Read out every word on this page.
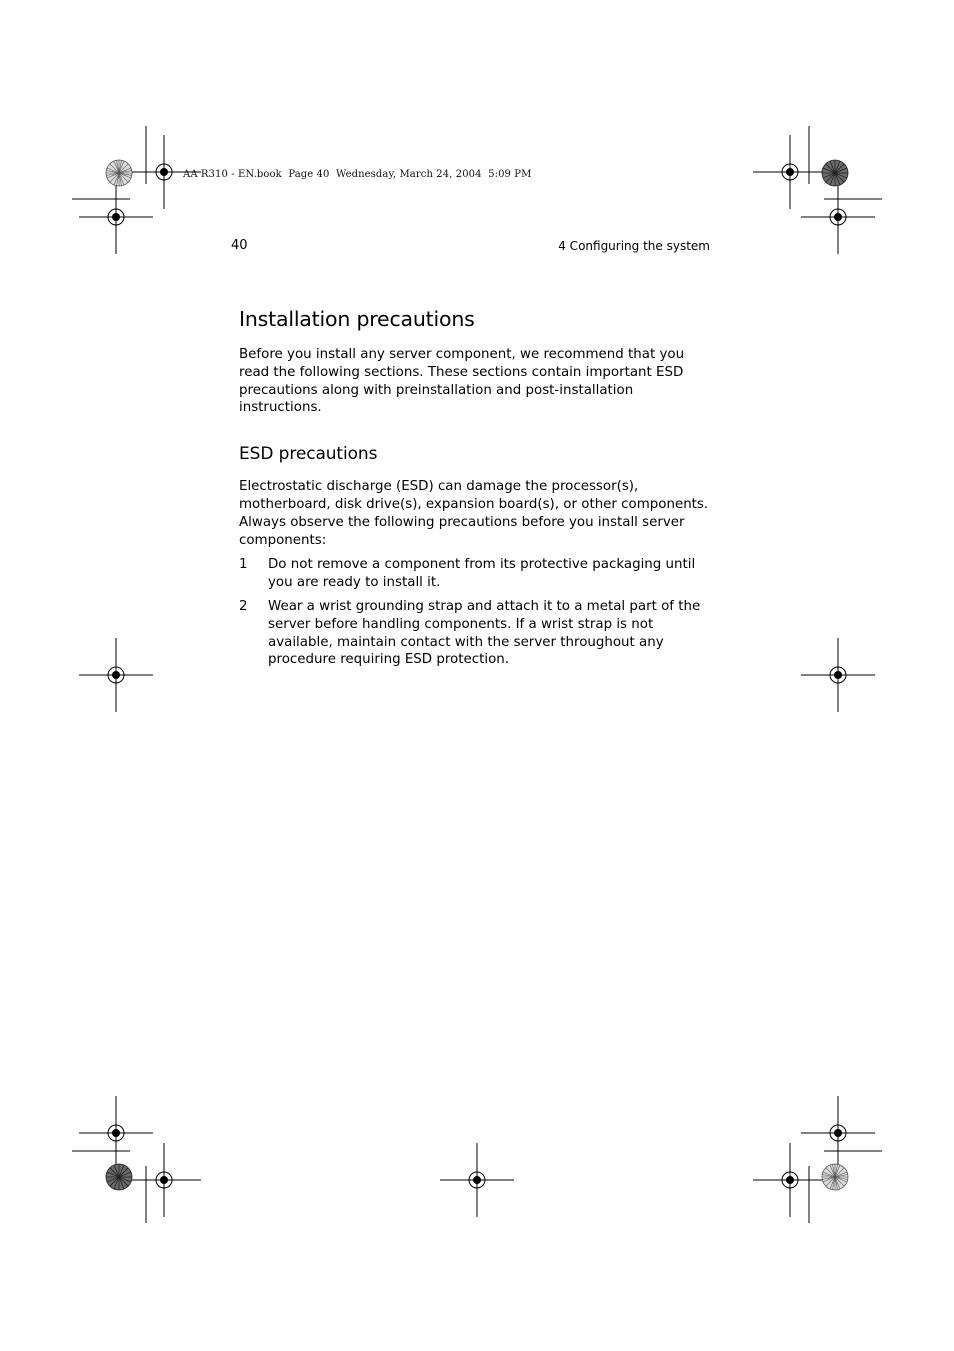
AA R310 - EN.book  Page 40  Wednesday, March 24, 2004  5:09 PM
40	4 Configuring the system
Installation precautions

Before you install any server component, we recommend that you read the following sections. These sections contain important ESD precautions along with preinstallation and post-installation instructions.

ESD precautions

Electrostatic discharge (ESD) can damage the processor(s), motherboard, disk drive(s), expansion board(s), or other components. Always observe the following precautions before you install server components:

1	Do not remove a component from its protective packaging until you are ready to install it.
2	Wear a wrist grounding strap and attach it to a metal part of the server before handling components. If a wrist strap is not available, maintain contact with the server throughout any procedure requiring ESD protection.
